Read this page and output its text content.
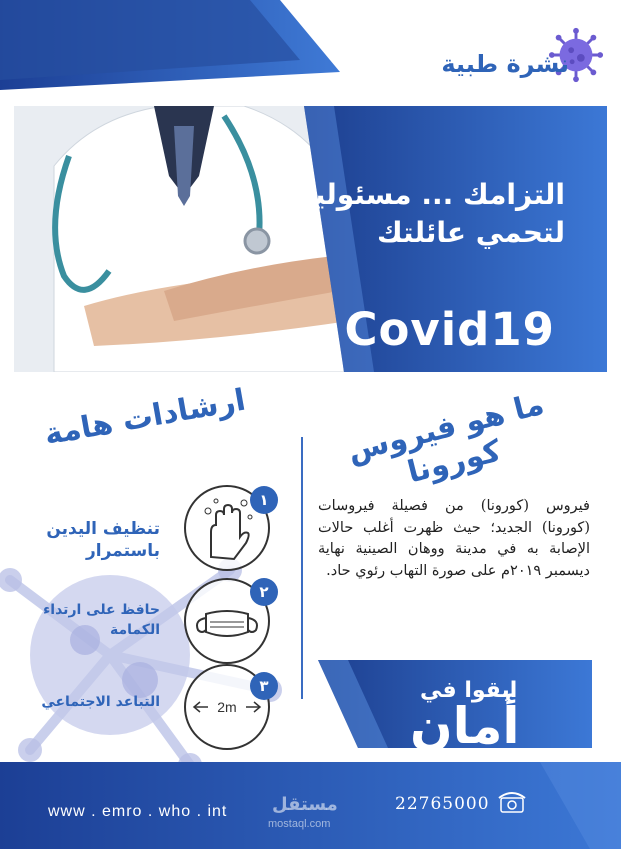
نشرة طبية
التزامك ... مسئوليتك
لتحمي عائلتك
Covid19
ما هو فيروس كورونا
ارشادات هامة
فيروس (كورونا) من فصيلة فيروسات (كورونا) الجديد؛ حيث ظهرت أغلب حالات الإصابة به في مدينة ووهان الصينية نهاية ديسمبر ٢٠١٩م على صورة التهاب رئوي حاد.
١
تنظيف اليدين باستمرار
٢
حافظ على ارتداء الكمامة
2m
٣
التباعد الاجتماعي	ابقوا في
أمان
22765000
www . emro . who . int مستقل
mostaql.com
